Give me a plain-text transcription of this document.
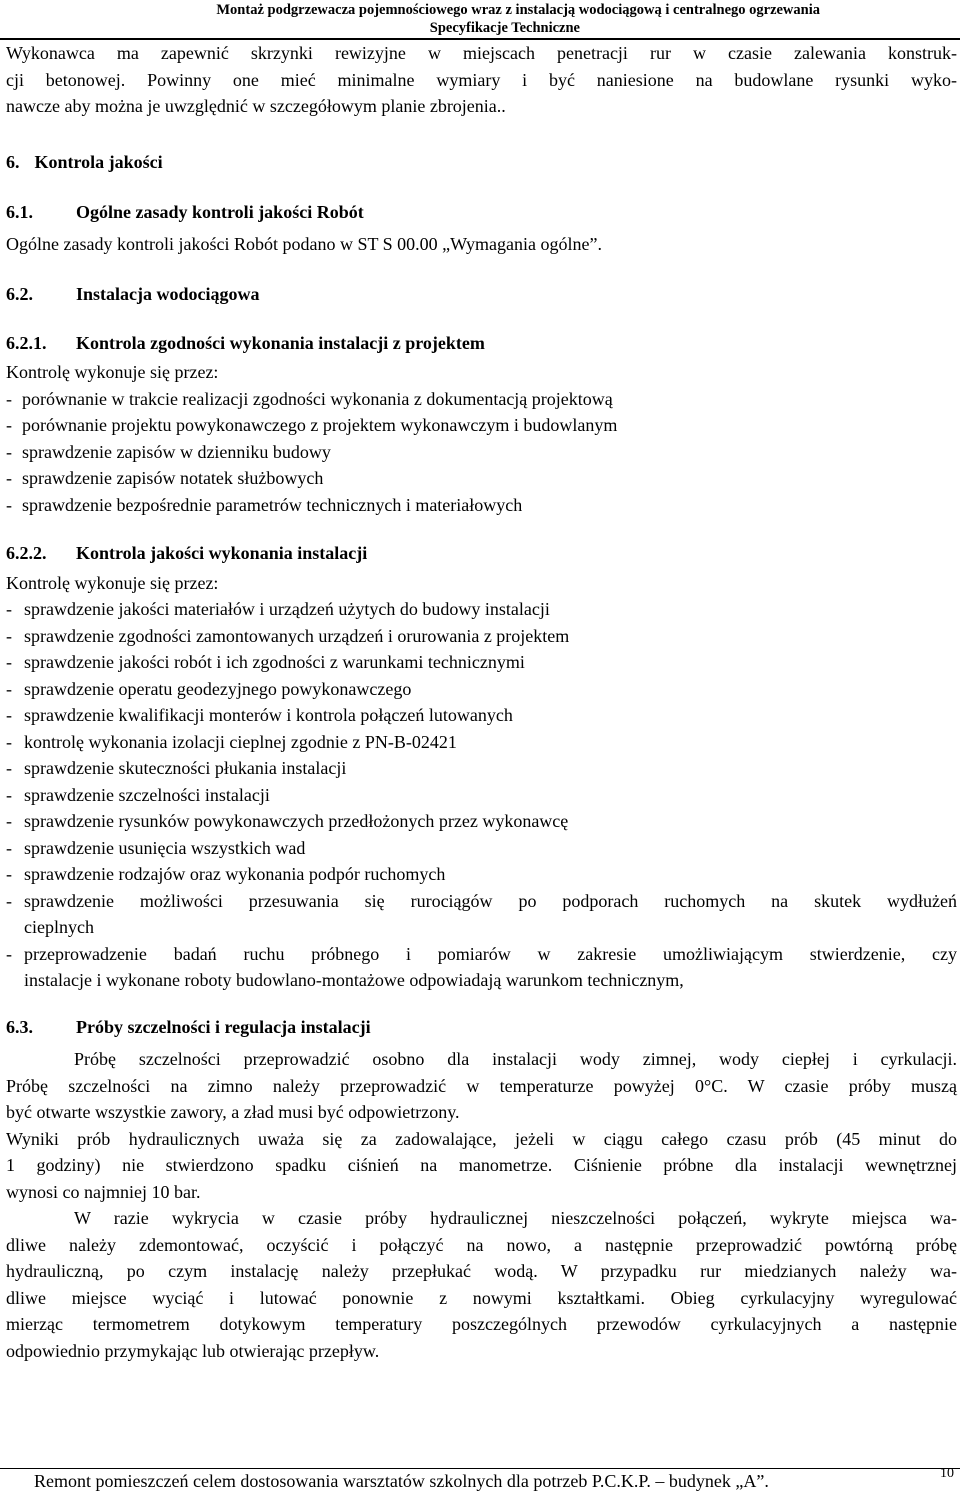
Montaż podgrzewacza pojemnościowego wraz z instalacją wodociągową i centralnego ogrzewania
Specyfikacje Techniczne

Wykonawca ma zapewnić skrzynki rewizyjne w miejscach penetracji rur w czasie zalewania konstruk-

cji betonowej. Powinny one mieć minimalne wymiary i być naniesione na budowlane rysunki wyko-

nawcze aby można je uwzględnić w szczegółowym planie zbrojenia..

6. Kontrola jakości
6.1. Ogólne zasady kontroli jakości Robót

Ogólne zasady kontroli jakości Robót podano w ST S 00.00 „Wymagania ogólne”.

6.2. Instalacja wodociągowa
6.2.1. Kontrola zgodności wykonania instalacji z projektem

Kontrolę wykonuje się przez:

- porównanie w trakcie realizacji zgodności wykonania z dokumentacją projektową
- porównanie projektu powykonawczego z projektem wykonawczym i budowlanym
- sprawdzenie zapisów w dzienniku budowy
- sprawdzenie zapisów notatek służbowych
- sprawdzenie bezpośrednie parametrów technicznych i materiałowych
6.2.2. Kontrola jakości wykonania instalacji

Kontrolę wykonuje się przez:

- sprawdzenie jakości materiałów i urządzeń użytych do budowy instalacji
- sprawdzenie zgodności zamontowanych urządzeń i orurowania z projektem
- sprawdzenie jakości robót i ich zgodności z warunkami technicznymi
- sprawdzenie operatu geodezyjnego powykonawczego
- sprawdzenie kwalifikacji monterów i kontrola połączeń lutowanych
- kontrolę wykonania izolacji cieplnej zgodnie z PN-B-02421
- sprawdzenie skuteczności płukania instalacji
- sprawdzenie szczelności instalacji
- sprawdzenie rysunków powykonawczych przedłożonych przez wykonawcę
- sprawdzenie usunięcia wszystkich wad
- sprawdzenie rodzajów oraz wykonania podpór ruchomych
- sprawdzenie możliwości przesuwania się rurociągów po podporach ruchomych na skutek wydłużeń
cieplnych
- przeprowadzenie badań ruchu próbnego i pomiarów w zakresie umożliwiającym stwierdzenie, czy
instalacje i wykonane roboty budowlano-montażowe odpowiadają warunkom technicznym,
6.3. Próby szczelności i regulacja instalacji

Próbę szczelności przeprowadzić osobno dla instalacji wody zimnej, wody ciepłej i cyrkulacji.

Próbę szczelności na zimno należy przeprowadzić w temperaturze powyżej 0°C. W czasie próby muszą

być otwarte wszystkie zawory, a zład musi być odpowietrzony.

Wyniki prób hydraulicznych uważa się za zadowalające, jeżeli w ciągu całego czasu prób (45 minut do

1 godziny) nie stwierdzono spadku ciśnień na manometrze. Ciśnienie próbne dla instalacji wewnętrznej

wynosi co najmniej 10 bar.

W razie wykrycia w czasie próby hydraulicznej nieszczelności połączeń, wykryte miejsca wa-

dliwe należy zdemontować, oczyścić i połączyć na nowo, a następnie przeprowadzić powtórną próbę

hydrauliczną, po czym instalację należy przepłukać wodą. W przypadku rur miedzianych należy wa-

dliwe miejsce wyciąć i lutować ponownie z nowymi kształtkami. Obieg cyrkulacyjny wyregulować

mierząc termometrem dotykowym temperatury poszczególnych przewodów cyrkulacyjnych a następnie

odpowiednio przymykając lub otwierając przepływ.

Remont pomieszczeń celem dostosowania warsztatów szkolnych dla potrzeb P.C.K.P. – budynek „A”.	10
